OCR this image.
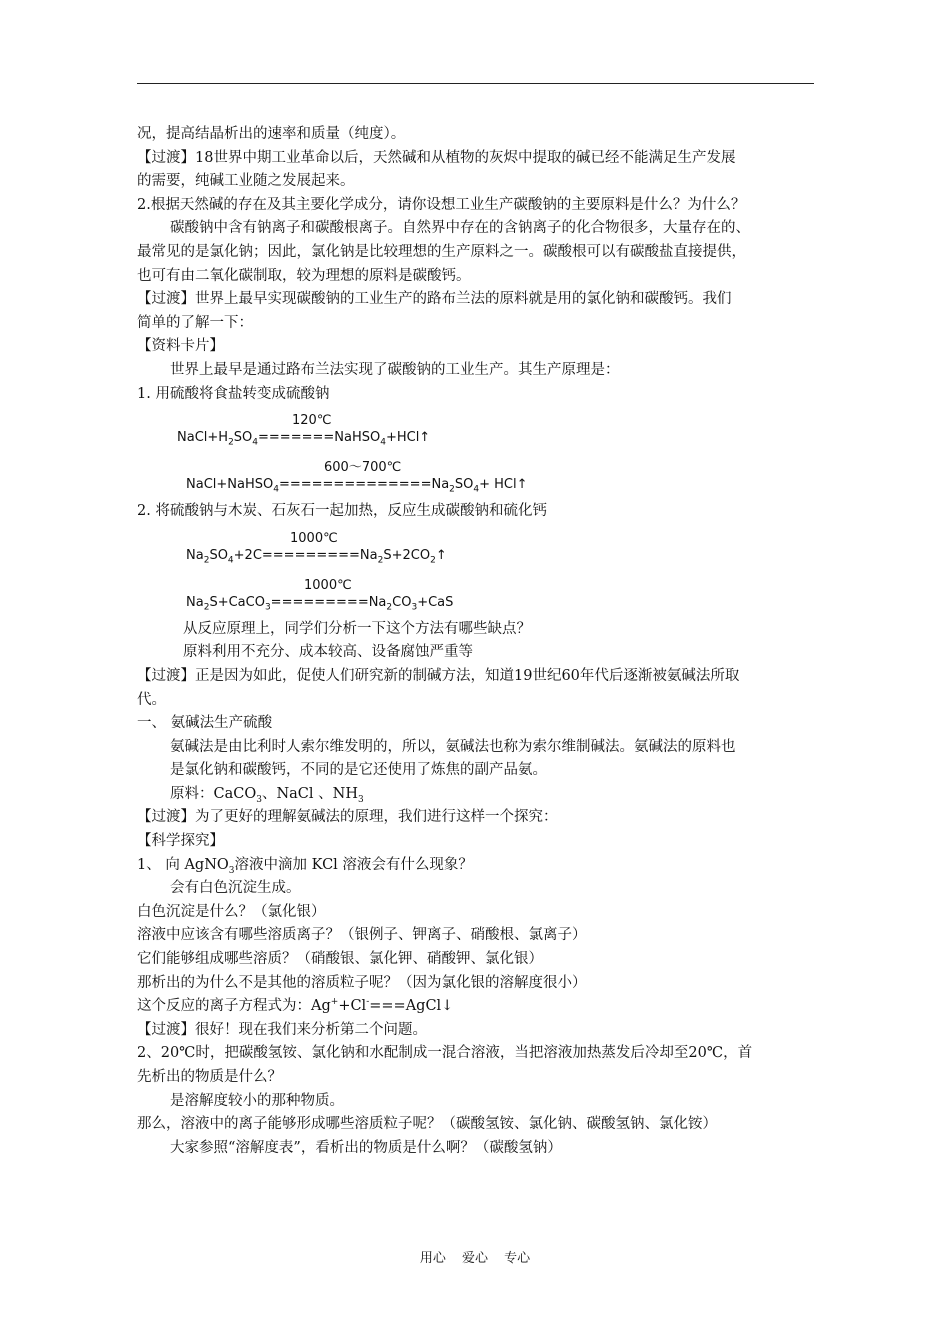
况，提高结晶析出的速率和质量（纯度）。
【过渡】18世界中期工业革命以后，天然碱和从植物的灰烬中提取的碱已经不能满足生产发展
的需要，纯碱工业随之发展起来。
2.根据天然碱的存在及其主要化学成分，请你设想工业生产碳酸钠的主要原料是什么？为什么？
碳酸钠中含有钠离子和碳酸根离子。自然界中存在的含钠离子的化合物很多，大量存在的、
最常见的是氯化钠；因此，氯化钠是比较理想的生产原料之一。碳酸根可以有碳酸盐直接提供，
也可有由二氧化碳制取，较为理想的原料是碳酸钙。
【过渡】世界上最早实现碳酸钠的工业生产的路布兰法的原料就是用的氯化钠和碳酸钙。我们
简单的了解一下：
【资料卡片】
世界上最早是通过路布兰法实现了碳酸钠的工业生产。其生产原理是：
1. 用硫酸将食盐转变成硫酸钠
120℃
$NaCl+H_2SO_4=======NaHSO_4+HCl↑$
600～700℃
$NaCl+NaHSO_4==============Na_2SO_4+$ HCl↑
2. 将硫酸钠与木炭、石灰石一起加热，反应生成碳酸钠和硫化钙
1000℃
$Na_2SO_4+2C=========Na_2S+2CO_2↑$
1000℃
$Na_2S+CaCO_3=========Na_2CO_3+CaS$
从反应原理上，同学们分析一下这个方法有哪些缺点？
原料利用不充分、成本较高、设备腐蚀严重等
【过渡】正是因为如此，促使人们研究新的制碱方法，知道19世纪60年代后逐渐被氨碱法所取
代。
一、 氨碱法生产硫酸
氨碱法是由比利时人索尔维发明的，所以，氨碱法也称为索尔维制碱法。氨碱法的原料也
是氯化钠和碳酸钙，不同的是它还使用了炼焦的副产品氨。
原料：CaCO$_3$、NaCl 、$NH_3$
【过渡】为了更好的理解氨碱法的原理，我们进行这样一个探究：
【科学探究】
1、 向 AgNO$_3$溶液中滴加 KCl 溶液会有什么现象？
会有白色沉淀生成。
白色沉淀是什么？（氯化银）
溶液中应该含有哪些溶质离子？（银例子、钾离子、硝酸根、氯离子）
它们能够组成哪些溶质？（硝酸银、氯化钾、硝酸钾、氯化银）
那析出的为什么不是其他的溶质粒子呢？（因为氯化银的溶解度很小）
这个反应的离子方程式为：Ag++Cl-===AgCl↓
【过渡】很好！现在我们来分析第二个问题。
2、20℃时，把碳酸氢铵、氯化钠和水配制成一混合溶液，当把溶液加热蒸发后冷却至20℃，首
先析出的物质是什么？
是溶解度较小的那种物质。
那么，溶液中的离子能够形成哪些溶质粒子呢？（碳酸氢铵、氯化钠、碳酸氢钠、氯化铵）
大家参照“溶解度表”，看析出的物质是什么啊？（碳酸氢钠）
用心 爱心 专心
